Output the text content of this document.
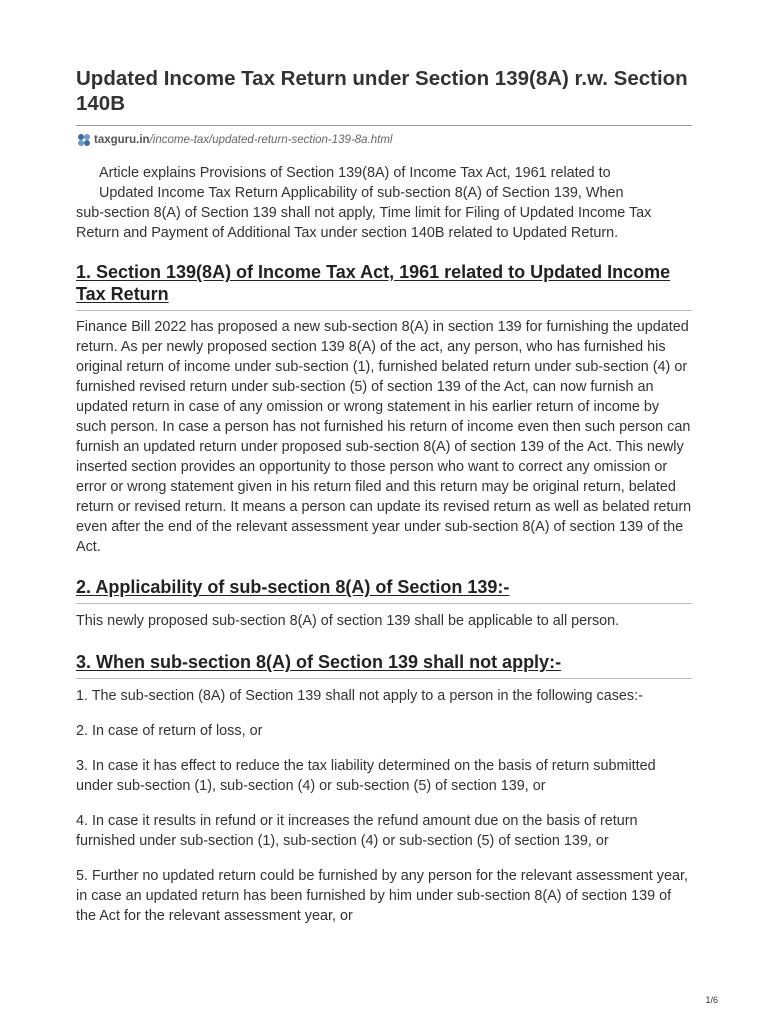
Updated Income Tax Return under Section 139(8A) r.w. Section 140B
taxguru.in /income-tax/updated-return-section-139-8a.html
Article explains Provisions of Section 139(8A) of Income Tax Act, 1961 related to
Updated Income Tax Return Applicability of sub-section 8(A) of Section 139, When
sub-section 8(A) of Section 139 shall not apply, Time limit for Filing of Updated Income Tax Return and Payment of Additional Tax under section 140B related to Updated Return.
1. Section 139(8A) of Income Tax Act, 1961 related to Updated Income Tax Return

Finance Bill 2022 has proposed a new sub-section 8(A) in section 139 for furnishing the updated return. As per newly proposed section 139 8(A) of the act, any person, who has furnished his original return of income under sub-section (1), furnished belated return under sub-section (4) or furnished revised return under sub-section (5) of section 139 of the Act, can now furnish an updated return in case of any omission or wrong statement in his earlier return of income by such person. In case a person has not furnished his return of income even then such person can furnish an updated return under proposed sub-section 8(A) of section 139 of the Act. This newly inserted section provides an opportunity to those person who want to correct any omission or error or wrong statement given in his return filed and this return may be original return, belated return or revised return. It means a person can update its revised return as well as belated return even after the end of the relevant assessment year under sub-section 8(A) of section 139 of the Act.

2. Applicability of sub-section 8(A) of Section 139:-

This newly proposed sub-section 8(A) of section 139 shall be applicable to all person.

3. When sub-section 8(A) of Section 139 shall not apply:-

1. The sub-section (8A) of Section 139 shall not apply to a person in the following cases:-

2. In case of return of loss, or

3. In case it has effect to reduce the tax liability determined on the basis of return submitted under sub-section (1), sub-section (4) or sub-section (5) of section 139, or

4. In case it results in refund or it increases the refund amount due on the basis of return furnished under sub-section (1), sub-section (4) or sub-section (5) of section 139, or

5. Further no updated return could be furnished by any person for the relevant assessment year, in case an updated return has been furnished by him under sub-section 8(A) of section 139 of the Act for the relevant assessment year, or

1/6
